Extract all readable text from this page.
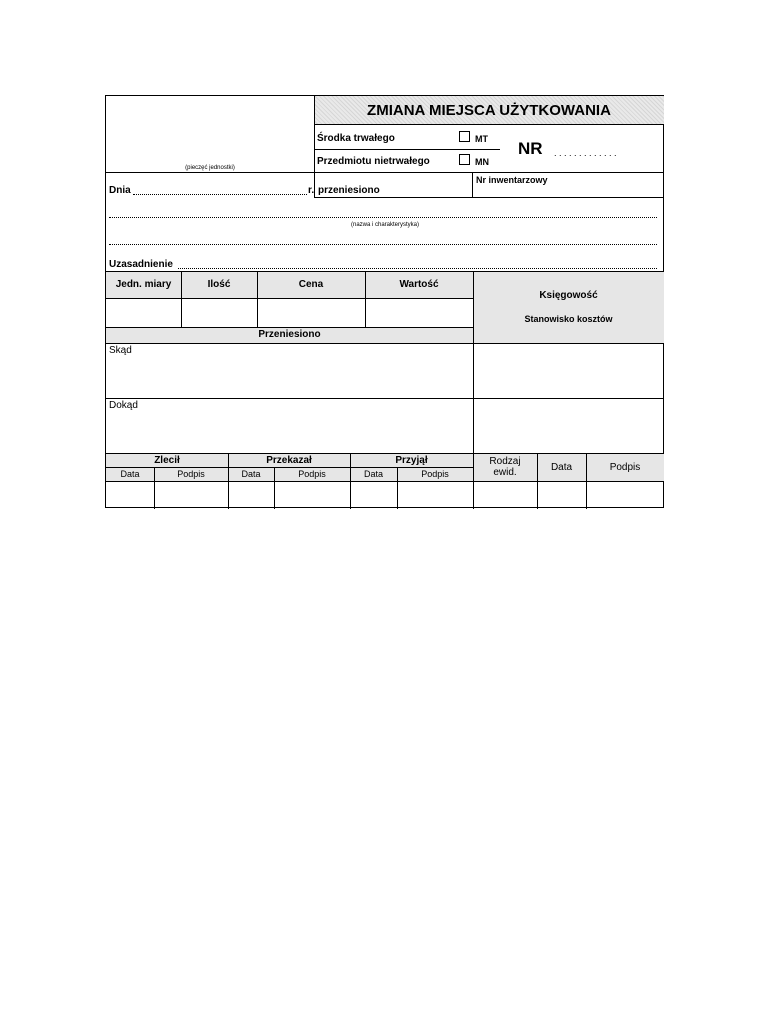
ZMIANA MIEJSCA UŻYTKOWANIA
(pieczęć jednostki)
Środka trwałego	MT
Przedmiotu nietrwałego	MN
NR . . . . . . . . . . . . .
Nr inwentarzowy
Dnia	r. przeniesiono
(nazwa i charakterystyka)
Uzasadnienie
Jedn. miary	Ilość	Cena	Wartość
Księgowość
Stanowisko kosztów
Przeniesiono
Skąd
Dokąd
Zlecił	Przekazał	Przyjął
Data	Podpis	Data	Podpis	Data	Podpis
Rodzaj
ewid.	Data	Podpis
